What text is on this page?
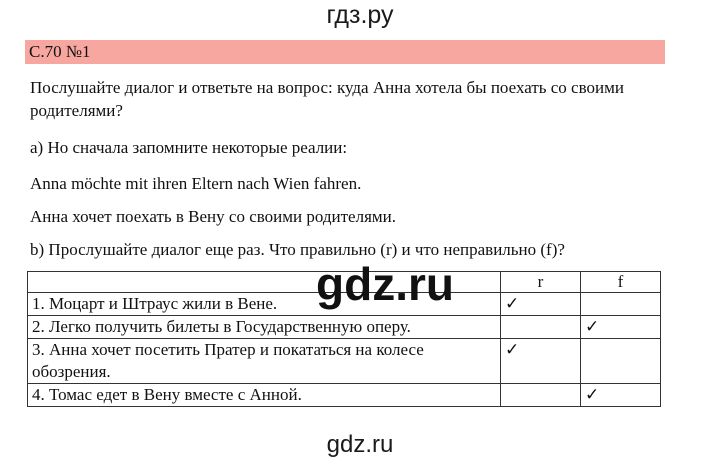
гдз.ру
С.70 №1
Послушайте диалог и ответьте на вопрос: куда Анна хотела бы поехать со своими родителями?
а) Но сначала запомните некоторые реалии:
Anna möchte mit ihren Eltern nach Wien fahren.
Анна хочет поехать в Вену со своими родителями.
b) Прослушайте диалог еще раз. Что правильно (r) и что неправильно (f)?
	r	f
1. Моцарт и Штраус жили в Вене.	✓	
2. Легко получить билеты в Государственную оперу.		✓
3. Анна хочет посетить Пратер и покататься на колесе обозрения.	✓	
4. Томас едет в Вену вместе с Анной.		✓
gdz.ru
gdz.ru
